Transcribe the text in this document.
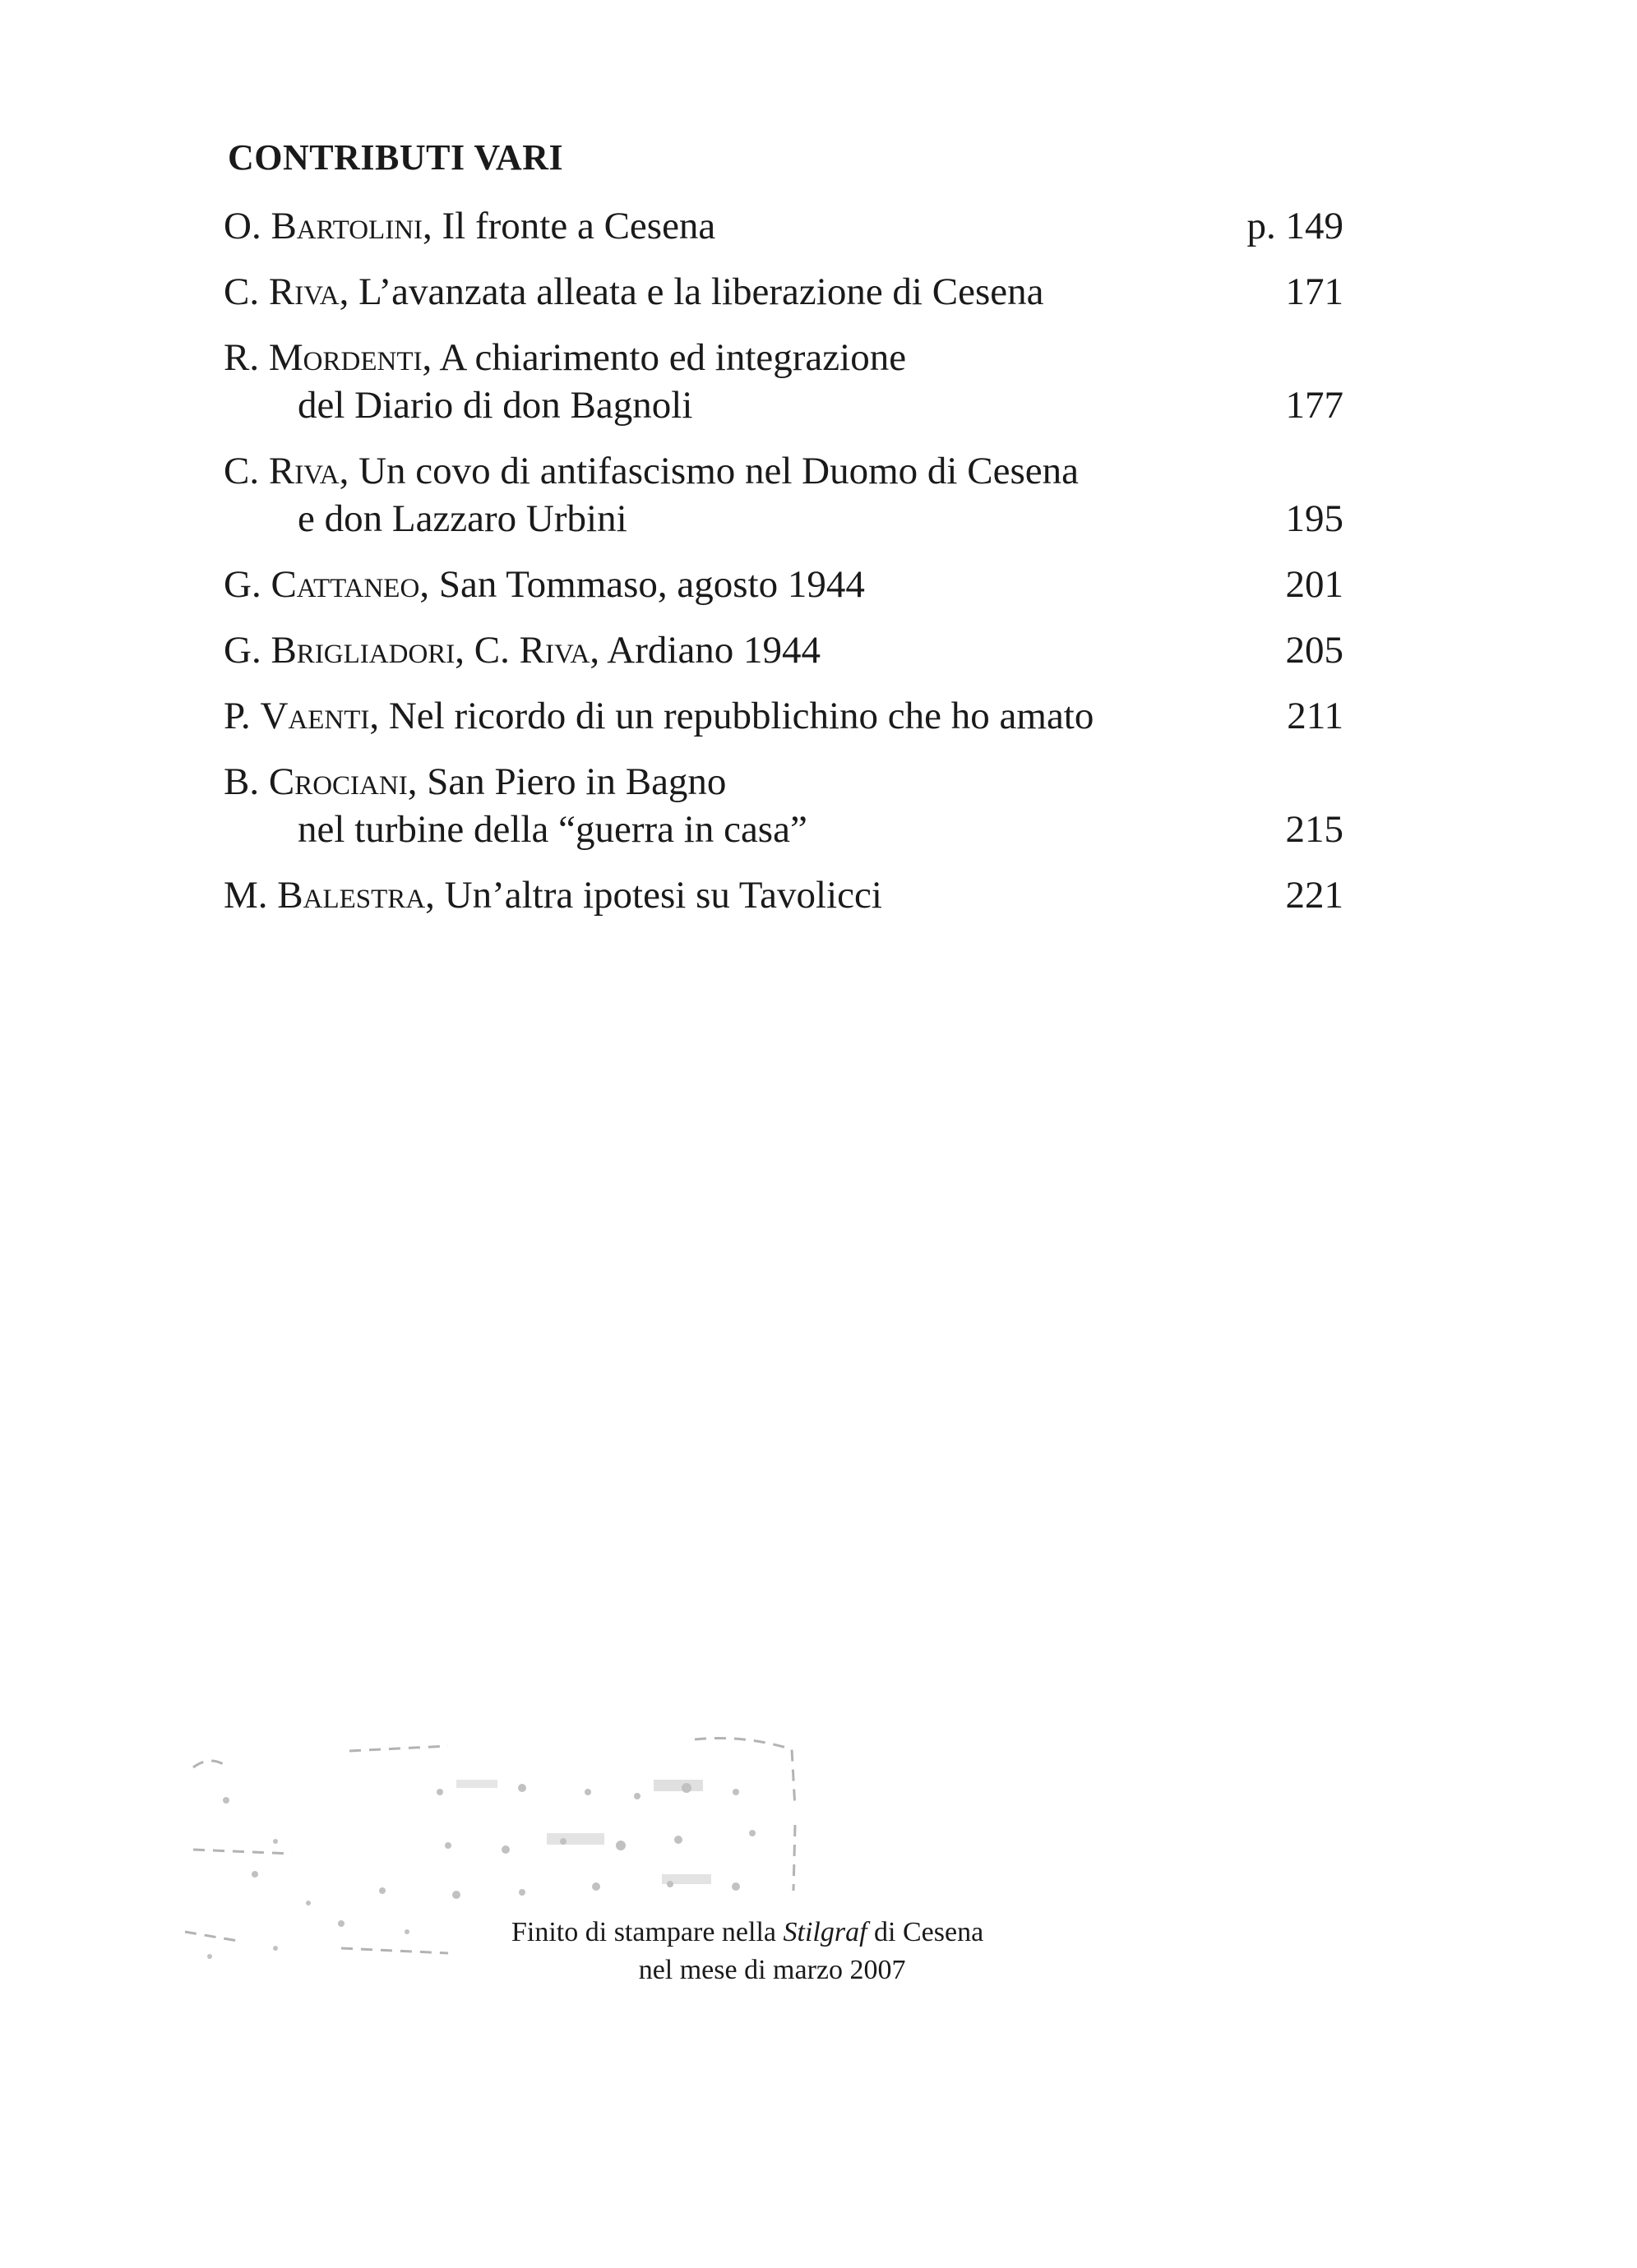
CONTRIBUTI VARI
O. Bartolini, Il fronte a Cesena	p. 149
C. Riva, L’avanzata alleata e la liberazione di Cesena	171
R. Mordenti, A chiarimento ed integrazione
del Diario di don Bagnoli	177
C. Riva, Un covo di antifascismo nel Duomo di Cesena
e don Lazzaro Urbini	195
G. Cattaneo, San Tommaso, agosto 1944	201
G. Brigliadori, C. Riva, Ardiano 1944	205
P. Vaenti, Nel ricordo di un repubblichino che ho amato	211
B. Crociani, San Piero in Bagno
nel turbine della “guerra in casa”	215
M. Balestra, Un’altra ipotesi su Tavolicci	221
Finito di stampare nella Stilgraf di Cesena
nel mese di marzo 2007
